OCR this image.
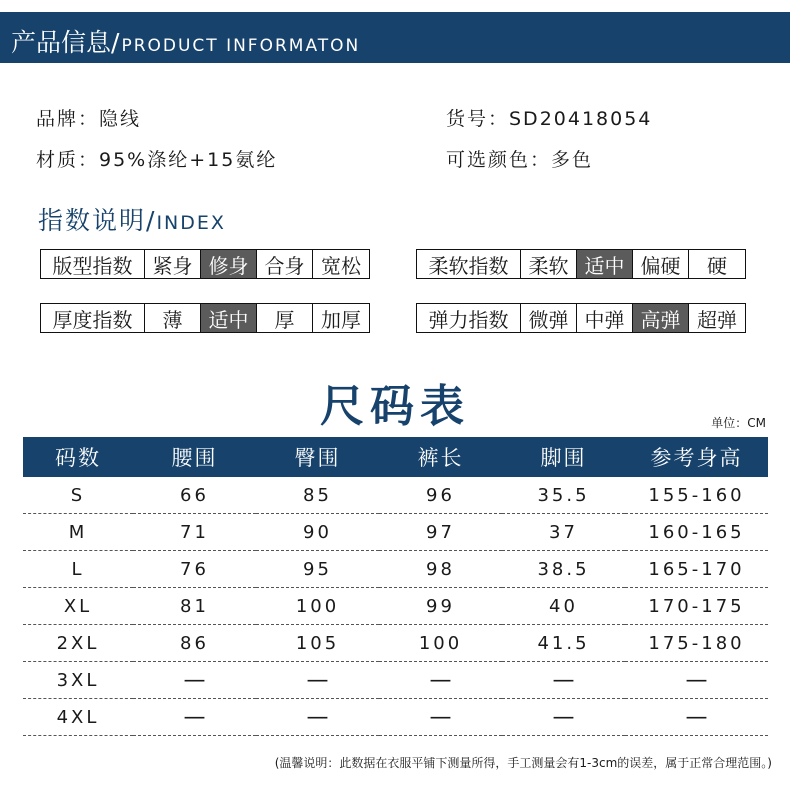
产品信息/ PRODUCT INFORMATON
品牌：隐线	货号：SD20418054
材质：95%涤纶+15氨纶	可选颜色：多色
指数说明/INDEX
版型指数	紧身 修身 合身 宽松	柔软指数	柔软 适中 偏硬	硬
厚度指数	薄	适中	厚	加厚	弹力指数	微弹 中弹 高弹 超弹
尺码表	单位：CM
码数	腰围	臀围	裤长	脚围	参考身高
S	66	85	96	35.5	155-160
M	71	90	97	37	160-165
L	76	95	98	38.5	165-170
XL	81	100	99	40	170-175
2XL	86	105	100	41.5	175-180
3XL	—	—	—	—	—
4XL	—	—	—	—	—
(温馨说明：此数据在衣服平铺下测量所得，手工测量会有1-3cm的误差，属于正常合理范围。)
